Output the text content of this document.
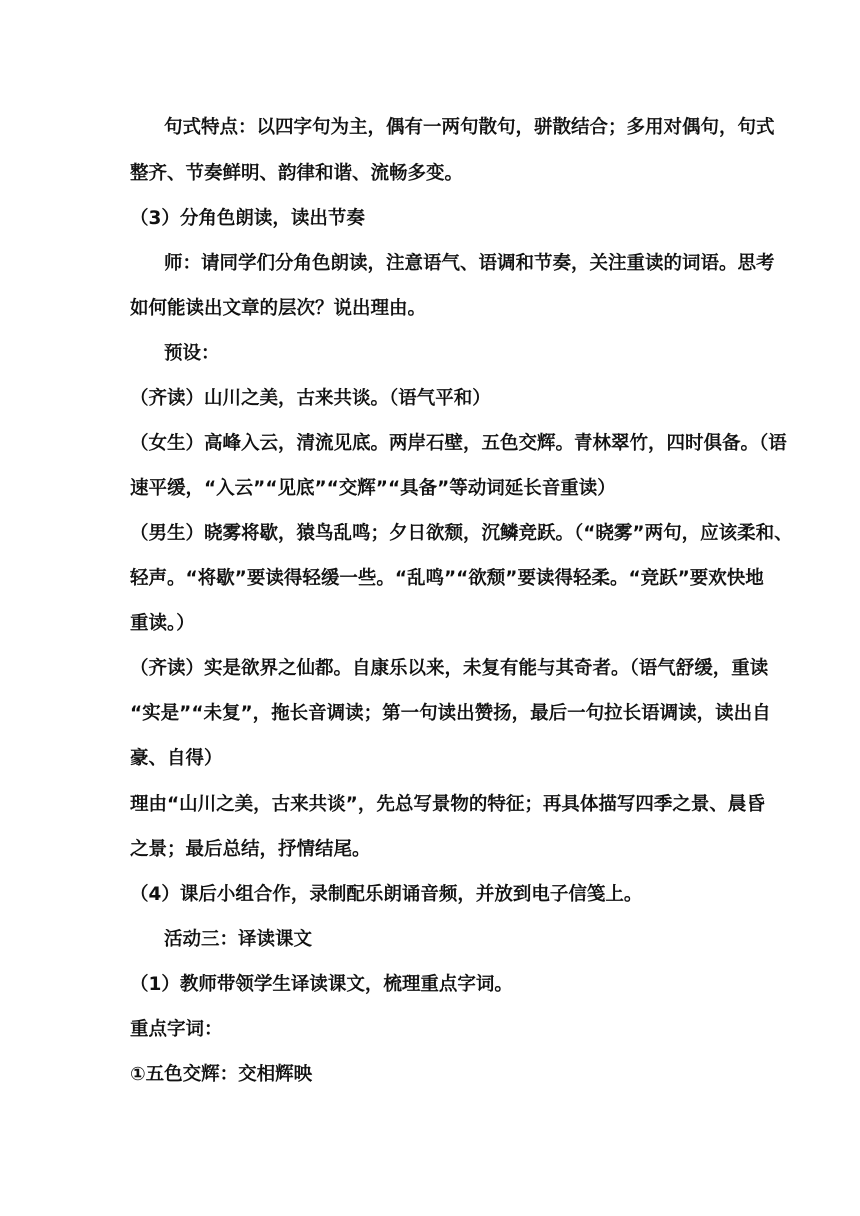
句式特点：以四字句为主，偶有一两句散句，骈散结合；多用对偶句，句式
整齐、节奏鲜明、韵律和谐、流畅多变。
（3）分角色朗读，读出节奏
师：请同学们分角色朗读，注意语气、语调和节奏，关注重读的词语。思考
如何能读出文章的层次？说出理由。
预设：
（齐读）山川之美，古来共谈。（语气平和）
（女生）高峰入云，清流见底。两岸石壁，五色交辉。青林翠竹，四时俱备。（语
速平缓，“入云”“见底”“交辉”“具备”等动词延长音重读）
（男生）晓雾将歇，猿鸟乱鸣；夕日欲颓，沉鳞竞跃。（“晓雾”两句，应该柔和、
轻声。“将歇”要读得轻缓一些。“乱鸣”“欲颓”要读得轻柔。“竞跃”要欢快地
重读。）
（齐读）实是欲界之仙都。自康乐以来，未复有能与其奇者。（语气舒缓，重读
“实是”“未复”，拖长音调读；第一句读出赞扬，最后一句拉长语调读，读出自
豪、自得）
理由“山川之美，古来共谈”，先总写景物的特征；再具体描写四季之景、晨昏
之景；最后总结，抒情结尾。
（4）课后小组合作，录制配乐朗诵音频，并放到电子信笺上。
活动三：译读课文
（1）教师带领学生译读课文，梳理重点字词。
重点字词：
①五色交辉：交相辉映
